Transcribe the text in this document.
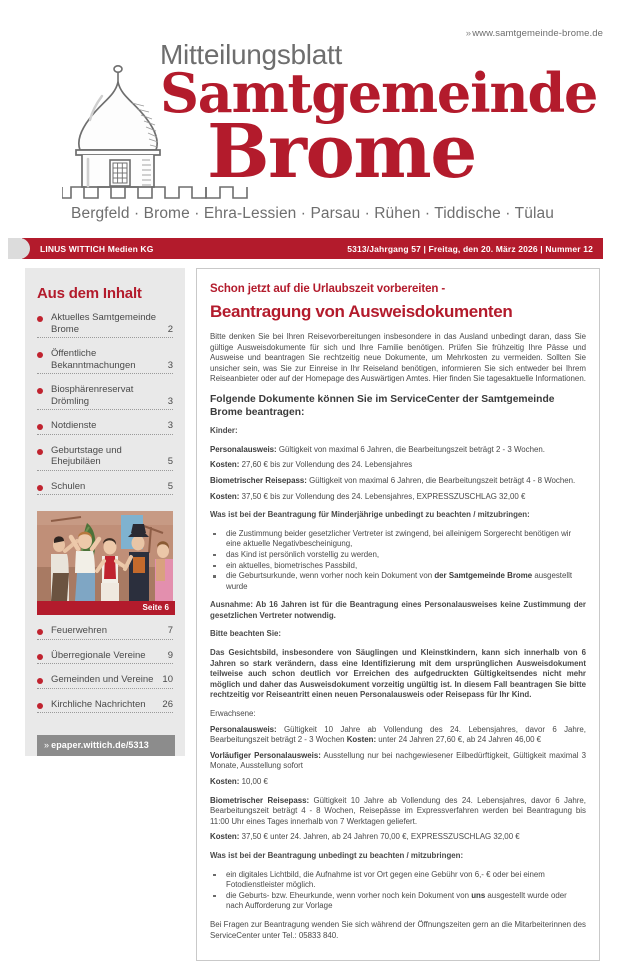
»www.samtgemeinde-brome.de
Mitteilungsblatt
Samtgemeinde
Brome
Bergfeld · Brome · Ehra-Lessien · Parsau · Rühen · Tiddische · Tülau
LINUS WITTICH Medien KG	5313/Jahrgang 57 | Freitag, den 20. März 2026 | Nummer 12
Aus dem Inhalt
Aktuelles Samtgemeinde Brome	2
Öffentliche Bekanntmachungen	3
Biosphärenreservat Drömling	3
Notdienste	3
Geburtstage und Ehejubiläen	5
Schulen	5
Seite 6
Feuerwehren	7
Überregionale Vereine	9
Gemeinden und Vereine 10
Kirchliche Nachrichten	26
» epaper.wittich.de/5313
Schon jetzt auf die Urlaubszeit vorbereiten -
Beantragung von Ausweisdokumenten

Bitte denken Sie bei Ihren Reisevorbereitungen insbesondere in das Ausland unbedingt daran, dass Sie gültige Ausweisdokumente für sich und Ihre Familie benötigen. Prüfen Sie frühzeitig Ihre Pässe und Ausweise und beantragen Sie rechtzeitig neue Dokumente, um Mehrkosten zu vermeiden. Sollten Sie unsicher sein, was Sie zur Einreise in Ihr Reiseland benötigen, informieren Sie sich entweder bei Ihrem Reiseanbieter oder auf der Homepage des Auswärtigen Amtes. Hier finden Sie tagesaktuelle Informationen.

Folgende Dokumente können Sie im ServiceCenter der Samtgemeinde Brome beantragen:

Kinder:

Personalausweis: Gültigkeit von maximal 6 Jahren, die Bearbeitungszeit beträgt 2 - 3 Wochen.

Kosten: 27,60 € bis zur Vollendung des 24. Lebensjahres

Biometrischer Reisepass: Gültigkeit von maximal 6 Jahren, die Bearbeitungszeit beträgt 4 - 8 Wochen.

Kosten: 37,50 € bis zur Vollendung des 24. Lebensjahres, EXPRESSZUSCHLAG 32,00 €

Was ist bei der Beantragung für Minderjährige unbedingt zu beachten / mitzubringen:

die Zustimmung beider gesetzlicher Vertreter ist zwingend, bei alleinigem Sorgerecht benötigen wir eine aktuelle Negativbescheinigung,
das Kind ist persönlich vorstellig zu werden,
ein aktuelles, biometrisches Passbild,
die Geburtsurkunde, wenn vorher noch kein Dokument von der Samtgemeinde Brome ausgestellt wurde

Ausnahme: Ab 16 Jahren ist für die Beantragung eines Personalausweises keine Zustimmung der gesetzlichen Vertreter notwendig.

Bitte beachten Sie:

Das Gesichtsbild, insbesondere von Säuglingen und Kleinstkindern, kann sich innerhalb von 6 Jahren so stark verändern, dass eine Identifizierung mit dem ursprünglichen Ausweisdokument teilweise auch schon deutlich vor Erreichen des aufgedruckten Gültigkeitsendes nicht mehr möglich und daher das Ausweisdokument vorzeitig ungültig ist. In diesem Fall beantragen Sie bitte rechtzeitig vor Reiseantritt einen neuen Personalausweis oder Reisepass für Ihr Kind.

Erwachsene:

Personalausweis: Gültigkeit 10 Jahre ab Vollendung des 24. Lebensjahres, davor 6 Jahre, Bearbeitungszeit beträgt 2 - 3 Wochen Kosten: unter 24 Jahren 27,60 €, ab 24 Jahren 46,00 €

Vorläufiger Personalausweis: Ausstellung nur bei nachgewiesener Eilbedürftigkeit, Gültigkeit maximal 3 Monate, Ausstellung sofort

Kosten: 10,00 €

Biometrischer Reisepass: Gültigkeit 10 Jahre ab Vollendung des 24. Lebensjahres, davor 6 Jahre, Bearbeitungszeit beträgt 4 - 8 Wochen, Reisepässe im Expressverfahren werden bei Beantragung bis 11:00 Uhr eines Tages innerhalb von 7 Werktagen geliefert.

Kosten: 37,50 € unter 24. Jahren, ab 24 Jahren 70,00 €, EXPRESSZUSCHLAG 32,00 €

Was ist bei der Beantragung unbedingt zu beachten / mitzubringen:

ein digitales Lichtbild, die Aufnahme ist vor Ort gegen eine Gebühr von 6,- € oder bei einem Fotodienstleister möglich.
die Geburts- bzw. Eheurkunde, wenn vorher noch kein Dokument von uns ausgestellt wurde oder nach Aufforderung zur Vorlage

Bei Fragen zur Beantragung wenden Sie sich während der Öffnungszeiten gern an die Mitarbeiterinnen des ServiceCenter unter Tel.: 05833 840.
